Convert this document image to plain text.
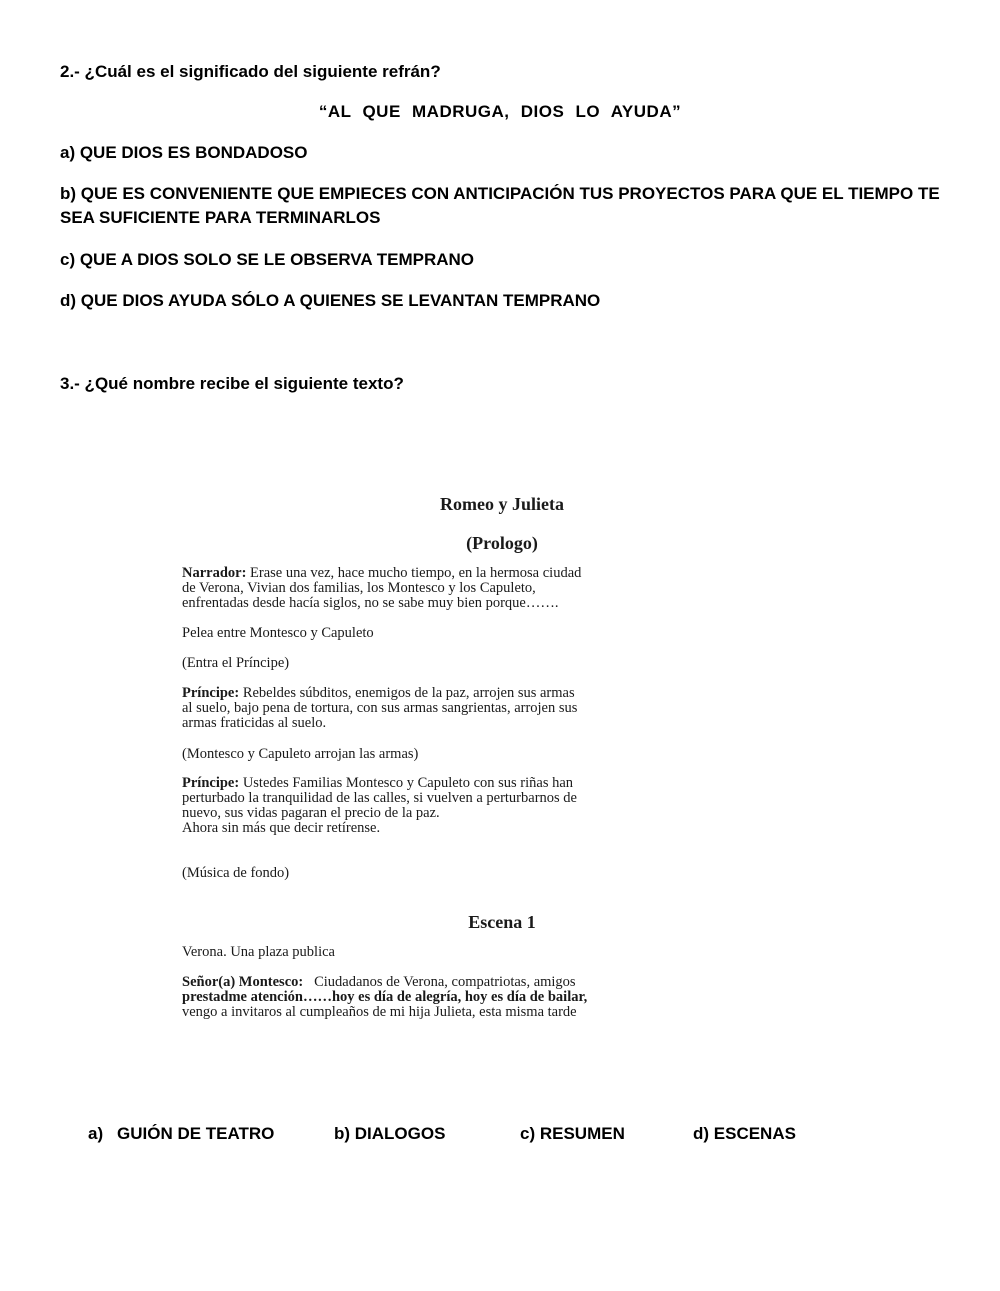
2.- ¿Cuál es el significado del siguiente refrán?
“AL QUE MADRUGA, DIOS LO AYUDA”
a) QUE DIOS ES BONDADOSO
b) QUE ES CONVENIENTE QUE EMPIECES CON ANTICIPACIÓN TUS PROYECTOS PARA QUE EL TIEMPO TE SEA SUFICIENTE PARA TERMINARLOS
c) QUE A DIOS SOLO SE LE OBSERVA TEMPRANO
d) QUE DIOS AYUDA SÓLO A QUIENES SE LEVANTAN TEMPRANO
3.- ¿Qué nombre recibe el siguiente texto?
Romeo y Julieta
(Prologo)
Narrador: Erase una vez, hace mucho tiempo, en la hermosa ciudad
de Verona, Vivian dos familias, los Montesco y los Capuleto,
enfrentadas desde hacía siglos, no se sabe muy bien porque…….
Pelea entre Montesco y Capuleto
(Entra el Príncipe)
Príncipe: Rebeldes súbditos, enemigos de la paz, arrojen sus armas
al suelo, bajo pena de tortura, con sus armas sangrientas, arrojen sus
armas fraticidas al suelo.
(Montesco y Capuleto arrojan las armas)
Príncipe: Ustedes Familias Montesco y Capuleto con sus riñas han
perturbado la tranquilidad de las calles, si vuelven a perturbarnos de
nuevo, sus vidas pagaran el precio de la paz.
Ahora sin más que decir retírense.
(Música de fondo)
Escena 1
Verona. Una plaza publica
Señor(a) Montesco: Ciudadanos de Verona, compatriotas, amigos
prestadme atención……hoy es día de alegría, hoy es día de bailar,
vengo a invitaros al cumpleaños de mi hija Julieta, esta misma tarde
a) GUIÓN DE TEATRO	b) DIALOGOS	c) RESUMEN	d) ESCENAS
